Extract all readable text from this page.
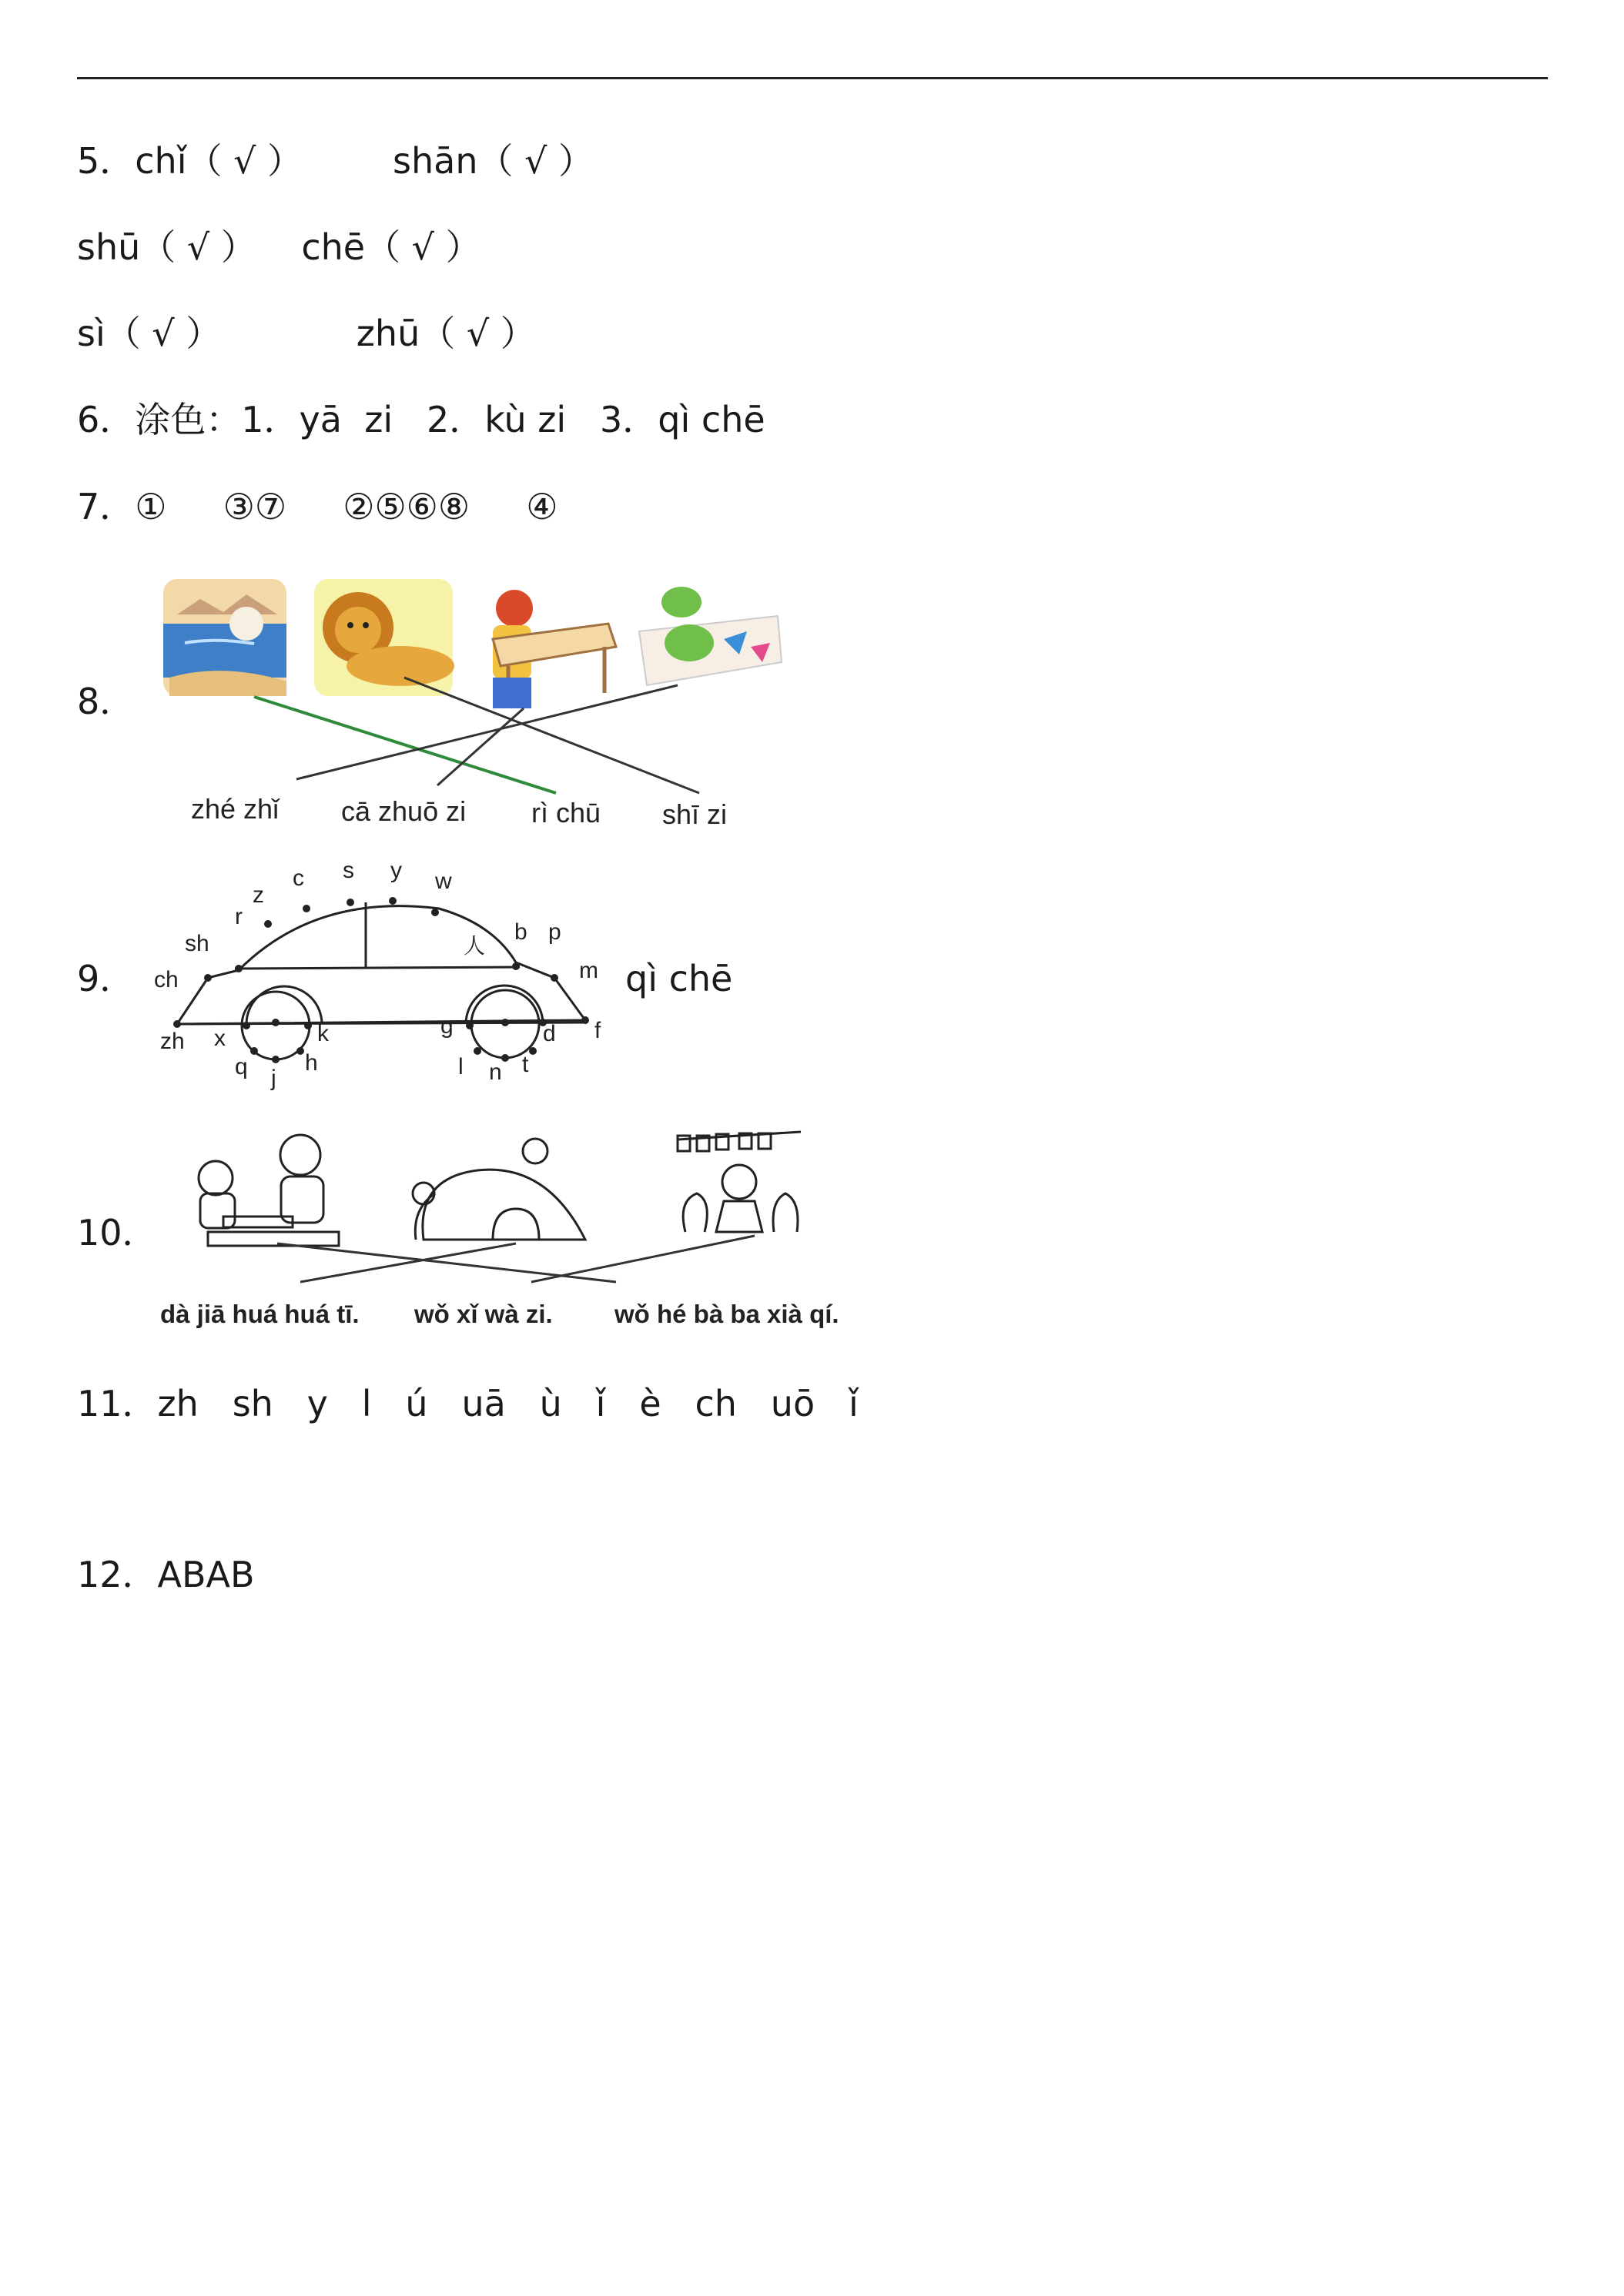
5．chǐ（ √ ）        shān（ √ ）
shū（ √ ）    chē（ √ ）
sì（ √ ）            zhū（ √ ）
6．涂色：1．yā  zi   2．kù zi   3．qì chē
7．①     ③⑦     ②⑤⑥⑧     ④
8．
zhé zhǐ cā zhuō zi rì chū shī zi
9．
c s y w
z
r
sh	b p
ch	m
zh x	k	g	d f
q h
j	l n t
人
qì chē
10．
dà jiā huá huá tī. wǒ xǐ wà zi. wǒ hé bà ba xià qí.
11．zh   sh   y   l   ú   uā   ù   ǐ   è   ch   uō   ǐ
12．ABAB
